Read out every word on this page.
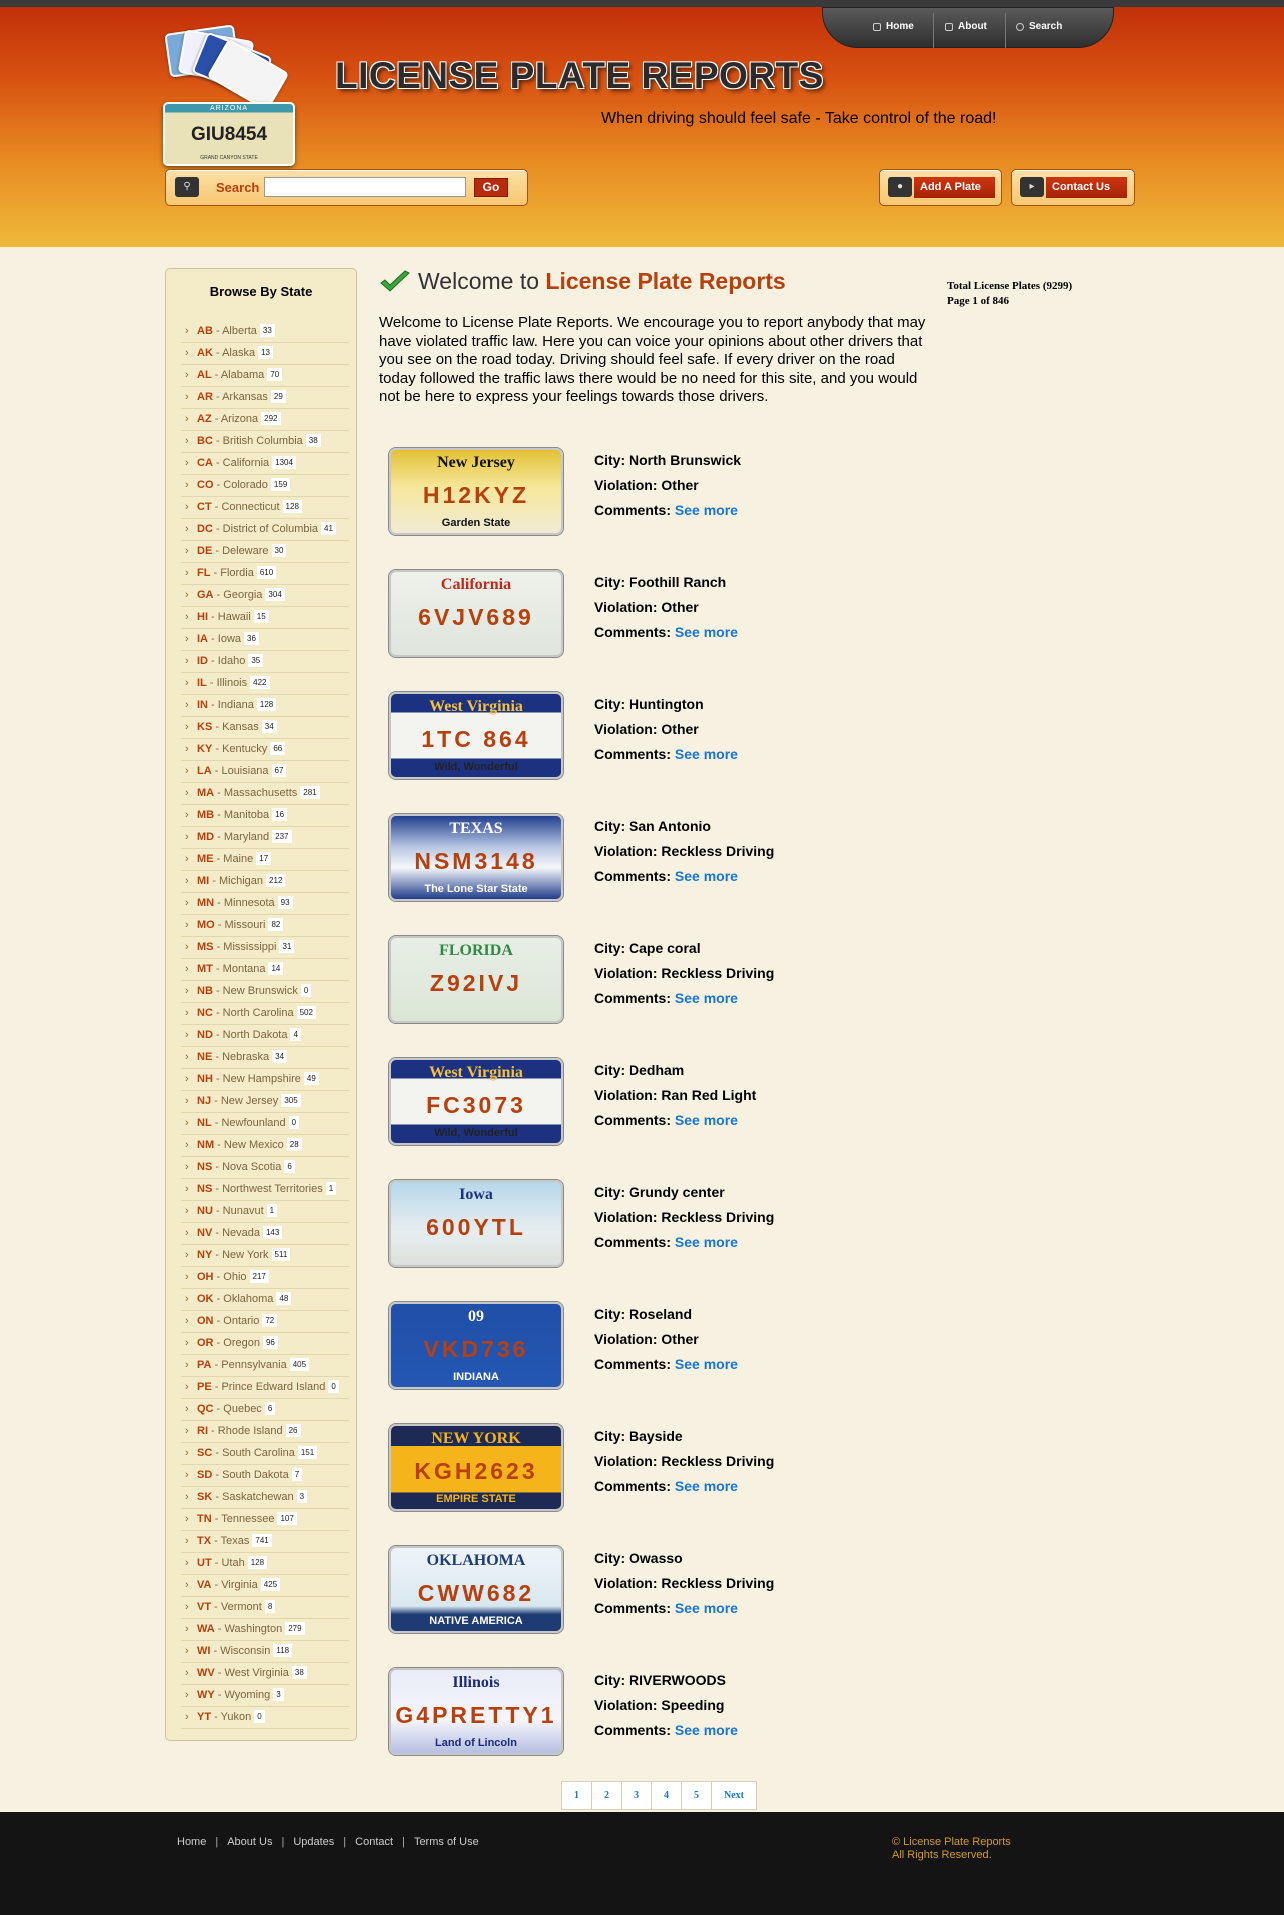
Home	About	Search
ARIZONA
GIU8454
GRAND CANYON STATE
LICENSE PLATE REPORTS
When driving should feel safe - Take control of the road!
⚲	Search	Go	●	Add A Plate	▸	Contact Us
Browse By State
› AB - Alberta 33
› AK - Alaska 13
› AL - Alabama 70
› AR - Arkansas 29
› AZ - Arizona 292
› BC - British Columbia 38
› CA - California 1304
› CO - Colorado 159
› CT - Connecticut 128
› DC - District of Columbia 41
› DE - Deleware 30
› FL - Flordia 610
› GA - Georgia 304
› HI - Hawaii 15
› IA - Iowa 36
› ID - Idaho 35
› IL - Illinois 422
› IN - Indiana 128
› KS - Kansas 34
› KY - Kentucky 66
› LA - Louisiana 67
› MA - Massachusetts 281
› MB - Manitoba 16
› MD - Maryland 237
› ME - Maine 17
› MI - Michigan 212
› MN - Minnesota 93
› MO - Missouri 82
› MS - Mississippi 31
› MT - Montana 14
› NB - New Brunswick 0
› NC - North Carolina 502
› ND - North Dakota 4
› NE - Nebraska 34
› NH - New Hampshire 49
› NJ - New Jersey 305
› NL - Newfounland 0
› NM - New Mexico 28
› NS - Nova Scotia 6
› NS - Northwest Territories 1
› NU - Nunavut 1
› NV - Nevada 143
› NY - New York 511
› OH - Ohio 217
› OK - Oklahoma 48
› ON - Ontario 72
› OR - Oregon 96
› PA - Pennsylvania 405
› PE - Prince Edward Island 0
› QC - Quebec 6
› RI - Rhode Island 26
› SC - South Carolina 151
› SD - South Dakota 7
› SK - Saskatchewan 3
› TN - Tennessee 107
› TX - Texas 741
› UT - Utah 128
› VA - Virginia 425
› VT - Vermont 8
› WA - Washington 279
› WI - Wisconsin 118
› WV - West Virginia 38
› WY - Wyoming 3
› YT - Yukon 0
Welcome to License Plate Reports

Welcome to License Plate Reports. We encourage you to report anybody that may have violated traffic law. Here you can voice your opinions about other drivers that you see on the road today. Driving should feel safe. If every driver on the road today followed the traffic laws there would be no need for this site, and you would not be here to express your feelings towards those drivers.

Total License Plates (9299)
Page 1 of 846
New Jersey
H12KYZ
Garden State
City: North Brunswick
Violation: Other
Comments: See more
California
6VJV689
City: Foothill Ranch
Violation: Other
Comments: See more
West Virginia
1TC 864
Wild, Wonderful
City: Huntington
Violation: Other
Comments: See more
TEXAS
NSM3148
The Lone Star State
City: San Antonio
Violation: Reckless Driving
Comments: See more
FLORIDA
Z92IVJ
City: Cape coral
Violation: Reckless Driving
Comments: See more
West Virginia
FC3073
Wild, Wonderful
City: Dedham
Violation: Ran Red Light
Comments: See more
Iowa
600YTL
City: Grundy center
Violation: Reckless Driving
Comments: See more
09
VKD736
INDIANA
City: Roseland
Violation: Other
Comments: See more
NEW YORK
KGH2623
EMPIRE STATE
City: Bayside
Violation: Reckless Driving
Comments: See more
OKLAHOMA
CWW682
NATIVE AMERICA
City: Owasso
Violation: Reckless Driving
Comments: See more
Illinois
G4PRETTY1
Land of Lincoln
City: RIVERWOODS
Violation: Speeding
Comments: See more
1	2	3	4	5	Next
Home | About Us | Updates | Contact | Terms of Use	© License Plate Reports
All Rights Reserved.
